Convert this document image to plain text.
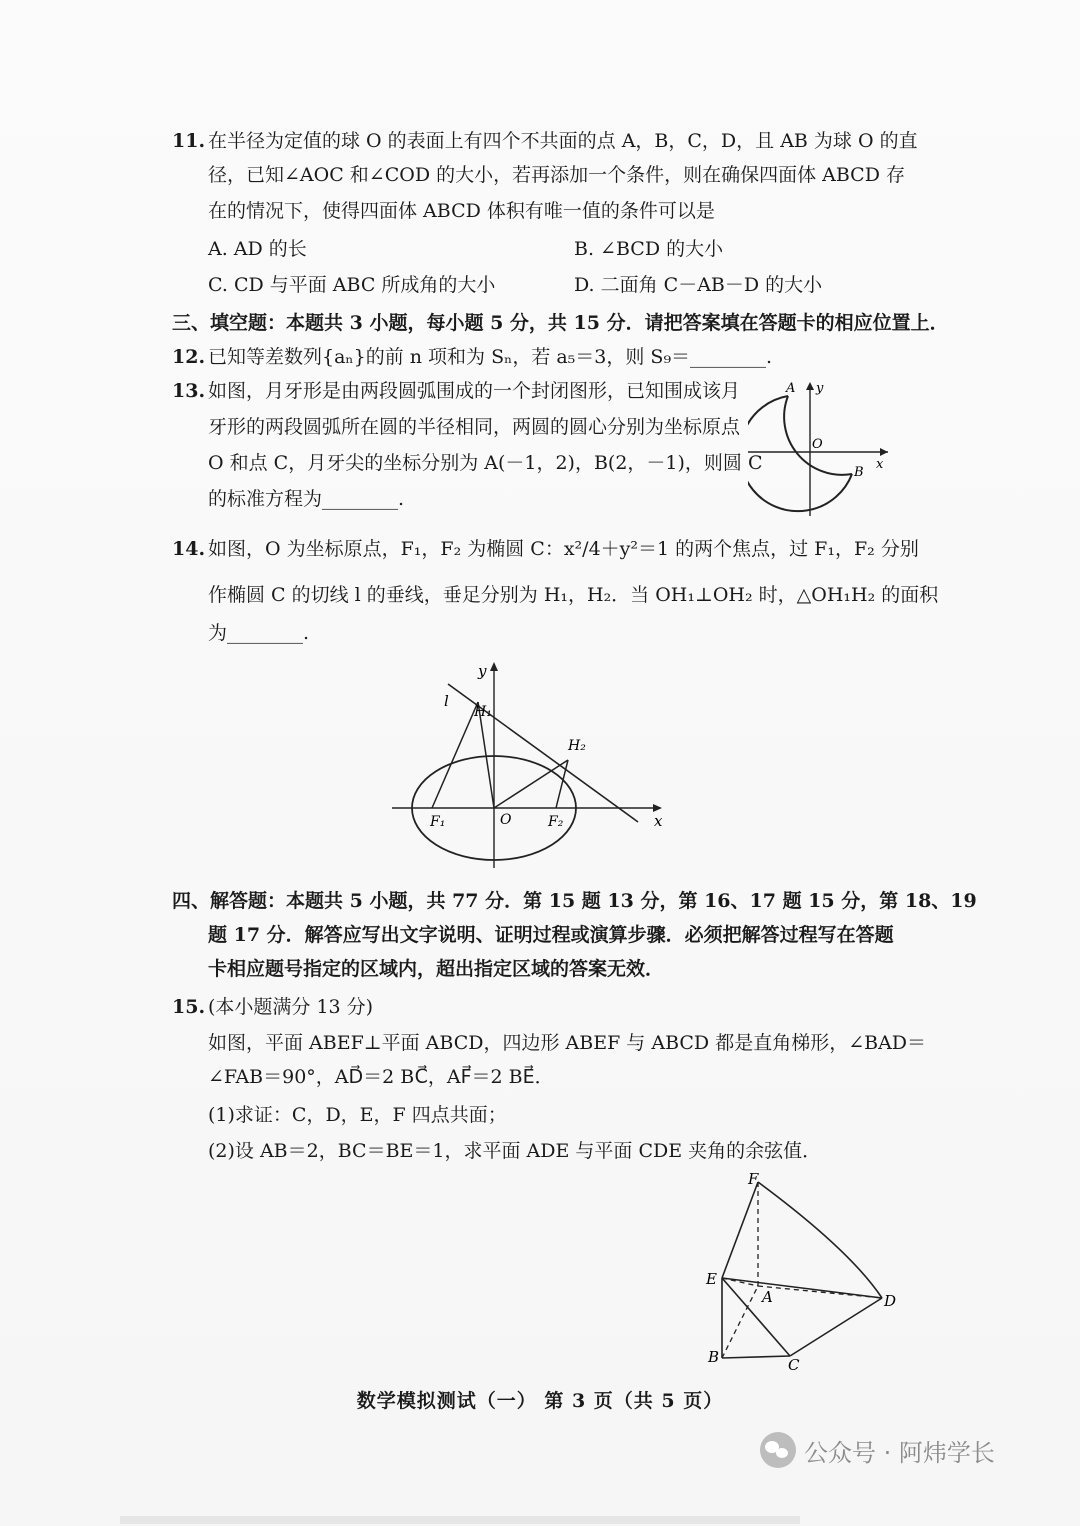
11. 在半径为定值的球 O 的表面上有四个不共面的点 A，B，C，D，且 AB 为球 O 的直
径，已知∠AOC 和∠COD 的大小，若再添加一个条件，则在确保四面体 ABCD 存
在的情况下，使得四面体 ABCD 体积有唯一值的条件可以是
A. AD 的长	B. ∠BCD 的大小
C. CD 与平面 ABC 所成角的大小	D. 二面角 C－AB－D 的大小
三、填空题：本题共 3 小题，每小题 5 分，共 15 分．请把答案填在答题卡的相应位置上．
12. 已知等差数列{aₙ}的前 n 项和为 Sₙ，若 a₅＝3，则 S₉＝________.
13. 如图，月牙形是由两段圆弧围成的一个封闭图形，已知围成该月
牙形的两段圆弧所在圆的半径相同，两圆的圆心分别为坐标原点
O 和点 C，月牙尖的坐标分别为 A(－1，2)，B(2，－1)，则圆 C
的标准方程为________.
y
x
O
A
B
14. 如图，O 为坐标原点，F₁，F₂ 为椭圆 C：x²/4＋y²＝1 的两个焦点，过 F₁，F₂ 分别
作椭圆 C 的切线 l 的垂线，垂足分别为 H₁，H₂．当 OH₁⊥OH₂ 时，△OH₁H₂ 的面积
为________.
l
y
x
H₁
H₂
F₁	O	F₂
四、解答题：本题共 5 小题，共 77 分．第 15 题 13 分，第 16、17 题 15 分，第 18、19
题 17 分．解答应写出文字说明、证明过程或演算步骤．必须把解答过程写在答题
卡相应题号指定的区域内，超出指定区域的答案无效．
15. (本小题满分 13 分)
如图，平面 ABEF⊥平面 ABCD，四边形 ABEF 与 ABCD 都是直角梯形，∠BAD＝
∠FAB＝90°，AD⃗＝2 BC⃗，AF⃗＝2 BE⃗．
(1)求证：C，D，E，F 四点共面；
(2)设 AB＝2，BC＝BE＝1，求平面 ADE 与平面 CDE 夹角的余弦值．
F
E
A	D
B	C
数学模拟测试（一） 第 3 页（共 5 页）
公众号 · 阿炜学长
